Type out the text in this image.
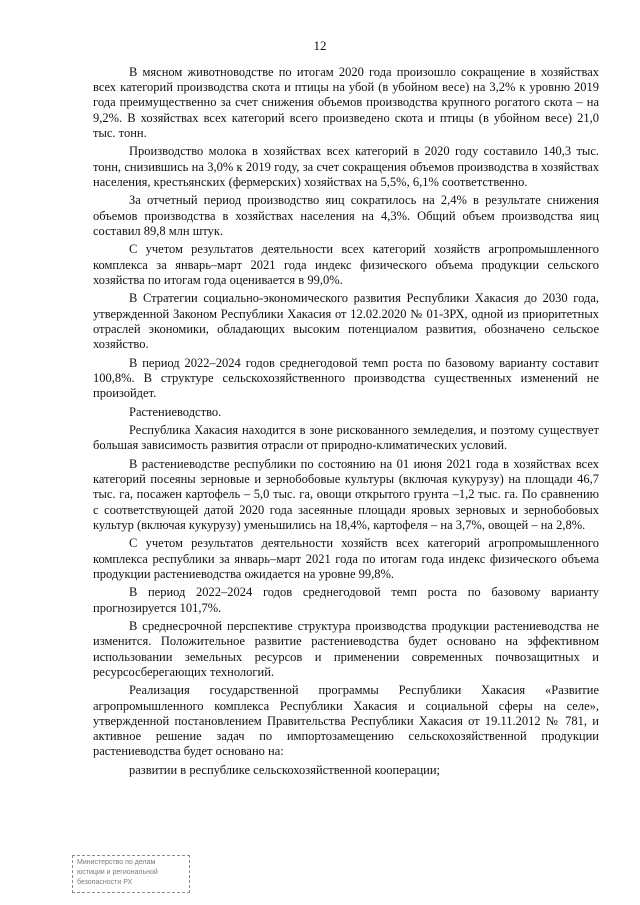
12

В мясном животноводстве по итогам 2020 года произошло сокращение в хозяйствах всех категорий производства скота и птицы на убой (в убойном весе) на 3,2% к уровню 2019 года преимущественно за счет снижения объемов производства крупного рогатого скота – на 9,2%. В хозяйствах всех категорий всего произведено скота и птицы (в убойном весе) 21,0 тыс. тонн.

Производство молока в хозяйствах всех категорий в 2020 году составило 140,3 тыс. тонн, снизившись на 3,0% к 2019 году, за счет сокращения объемов производства в хозяйствах населения, крестьянских (фермерских) хозяйствах на 5,5%, 6,1% соответственно.

За отчетный период производство яиц сократилось на 2,4% в результате снижения объемов производства в хозяйствах населения на 4,3%. Общий объем производства яиц составил 89,8 млн штук.

С учетом результатов деятельности всех категорий хозяйств агропромышленного комплекса за январь–март 2021 года индекс физического объема продукции сельского хозяйства по итогам года оценивается в 99,0%.

В Стратегии социально-экономического развития Республики Хакасия до 2030 года, утвержденной Законом Республики Хакасия от 12.02.2020 № 01-ЗРХ, одной из приоритетных отраслей экономики, обладающих высоким потенциалом развития, обозначено сельское хозяйство.

В период 2022–2024 годов среднегодовой темп роста по базовому варианту составит 100,8%. В структуре сельскохозяйственного производства существенных изменений не произойдет.

Растениеводство.

Республика Хакасия находится в зоне рискованного земледелия, и поэтому существует большая зависимость развития отрасли от природно-климатических условий.

В растениеводстве республики по состоянию на 01 июня 2021 года в хозяйствах всех категорий посеяны зерновые и зернобобовые культуры (включая кукурузу) на площади 46,7 тыс. га, посажен картофель – 5,0 тыс. га, овощи открытого грунта –1,2 тыс. га. По сравнению с соответствующей датой 2020 года засеянные площади яровых зерновых и зернобобовых культур (включая кукурузу) уменьшились на 18,4%, картофеля – на 3,7%, овощей – на 2,8%.

С учетом результатов деятельности хозяйств всех категорий агропромышленного комплекса республики за январь–март 2021 года по итогам года индекс физического объема продукции растениеводства ожидается на уровне 99,8%.

В период 2022–2024 годов среднегодовой темп роста по базовому варианту прогнозируется 101,7%.

В среднесрочной перспективе структура производства продукции растениеводства не изменится. Положительное развитие растениеводства будет основано на эффективном использовании земельных ресурсов и применении современных почвозащитных и ресурсосберегающих технологий.

Реализация государственной программы Республики Хакасия «Развитие агропромышленного комплекса Республики Хакасия и социальной сферы на селе», утвержденной постановлением Правительства Республики Хакасия от 19.11.2012 № 781, и активное решение задач по импортозамещению сельскохозяйственной продукции растениеводства будет основано на:

развитии в республике сельскохозяйственной кооперации;

Министерство по делам
юстиции и региональной
безопасности РХ
